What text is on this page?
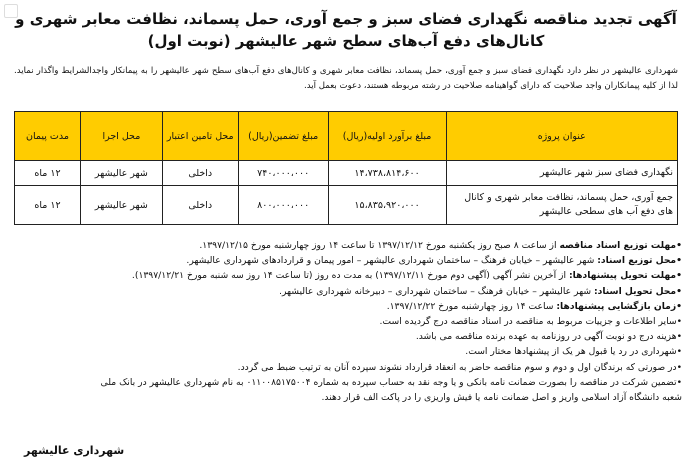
آگهی تجدید مناقصه نگهداری فضای سبز و جمع آوری، حمل پسماند، نظافت معابر شهری و
کانال‌های دفع آب‌های سطح شهر عالیشهر (نوبت اول)
شهرداری عالیشهر در نظر دارد نگهداری فضای سبز و جمع آوری، حمل پسماند، نظافت معابر شهری و کانال‌های دفع آب‌های سطح شهر عالیشهر را به پیمانکار واجد‌الشرایط واگذار نماید. لذا از کلیه پیمانکاران واجد صلاحیت که دارای گواهینامه صلاحیت در رشته مربوطه هستند، دعوت بعمل آید.
عنوان پروژه	مبلغ برآورد اولیه(ریال)	مبلغ تضمین(ریال)	محل تامین اعتبار	محل اجرا	مدت پیمان
نگهداری فضای سبز شهر عالیشهر	۱۴،۷۳۸،۸۱۴،۶۰۰	۷۴۰،۰۰۰،۰۰۰	داخلی	شهر عالیشهر	۱۲ ماه
جمع آوری، حمل پسماند، نظافت معابر شهری و کانال های دفع آب های سطحی عالیشهر	۱۵،۸۳۵،۹۲۰،۰۰۰	۸۰۰،۰۰۰،۰۰۰	داخلی	شهر عالیشهر	۱۲ ماه
•مهلت توزیع اسناد مناقصه از ساعت ۸ صبح روز یکشنبه مورخ ۱۳۹۷/۱۲/۱۲ تا ساعت ۱۴ روز چهارشنبه مورخ ۱۳۹۷/۱۲/۱۵.
•محل توزیع اسناد: شهر عالیشهر – خیابان فرهنگ – ساختمان شهرداری عالیشهر – امور پیمان و قراردادهای شهرداری عالیشهر.
•مهلت تحویل پیشنهادها: از آخرین نشر آگهی (آگهی دوم مورخ ۱۳۹۷/۱۲/۱۱) به مدت ده روز (تا ساعت ۱۴ روز سه شنبه مورخ ۱۳۹۷/۱۲/۲۱).
•محل تحویل اسناد: شهر عالیشهر – خیابان فرهنگ – ساختمان شهرداری – دبیرخانه شهرداری عالیشهر.
•زمان بازگشایی پیشنهادها: ساعت ۱۴ روز چهارشنبه مورخ ۱۳۹۷/۱۲/۲۲.
•سایر اطلاعات و جزییات مربوط به مناقصه در اسناد مناقصه درج گردیده است.
•هزینه درج دو نوبت آگهی در روزنامه به عهده برنده مناقصه می باشد.
•شهرداری در رد یا قبول هر یک از پیشنهادها مختار است.
•در صورتی که برندگان اول و دوم و سوم مناقصه حاضر به انعقاد قرارداد نشوند سپرده آنان به ترتیب ضبط می گردد.
•تضمین شرکت در مناقصه را بصورت ضمانت نامه بانکی و یا وجه نقد به حساب سپرده به شماره ۰۱۱۰۰۸۵۱۷۵۰۰۴ به نام شهرداری عالیشهر در بانک ملی
شعبه دانشگاه آزاد اسلامی واریز و اصل ضمانت نامه یا فیش واریزی را در پاکت الف قرار دهند.
شهرداری عالیشهر
